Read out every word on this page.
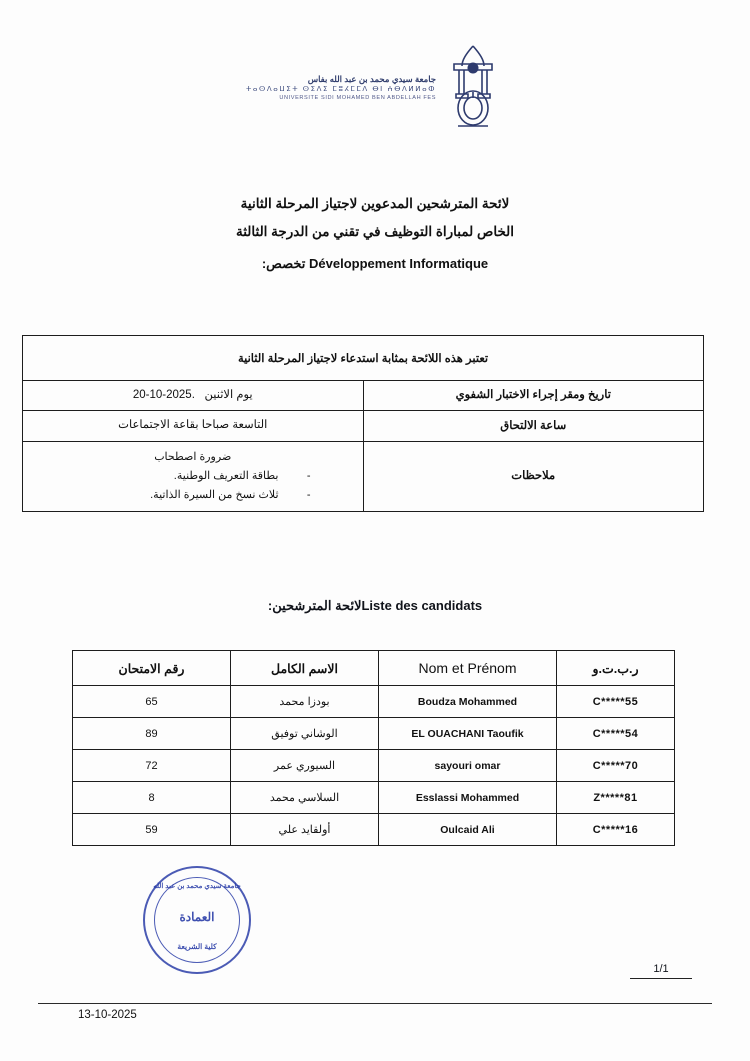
جامعة سيدي محمد بن عبد الله بفاس
ⵜⴰⵙⴷⴰⵡⵉⵜ ⵙⵉⴷⵉ ⵎⵓⵃⵎⵎⴷ ⴱⵏ ⵄⴱⴷⵍⵍⴰⵀ
UNIVERSITE SIDI MOHAMED BEN ABDELLAH FES
لائحة المترشحين المدعوين لاجتياز المرحلة الثانية
الخاص لمباراة التوظيف في تقني من الدرجة الثالثة
Développement Informatique تخصص:
تعتبر هذه اللائحة بمثابة استدعاء لاجتياز المرحلة الثانية	
تاريخ ومقر إجراء الاختبار الشفوي	يوم الاثنين   20-10-2025.
ساعة الالتحاق	التاسعة صباحا بقاعة الاجتماعات
ملاحظات	
ضرورة اصطحاب
- بطاقة التعريف الوطنية.
- ثلاث نسخ من السيرة الذاتية.
Liste des candidatsلائحة المترشحين:
ر.ب.ت.و	Nom et Prénom	الاسم الكامل	رقم الامتحان
C*****55	Boudza Mohammed	بودزا محمد	65
C*****54	EL OUACHANI Taoufik	الوشاني توفيق	89
C*****70	sayouri omar	السيوري عمر	72
Z*****81	Esslassi Mohammed	السلاسي محمد	8
C*****16	Oulcaid Ali	أولقايد علي	59
جامعة سيدي محمد بن عبد الله
العمادة
كلية الشريعة
1/1
13-10-2025
